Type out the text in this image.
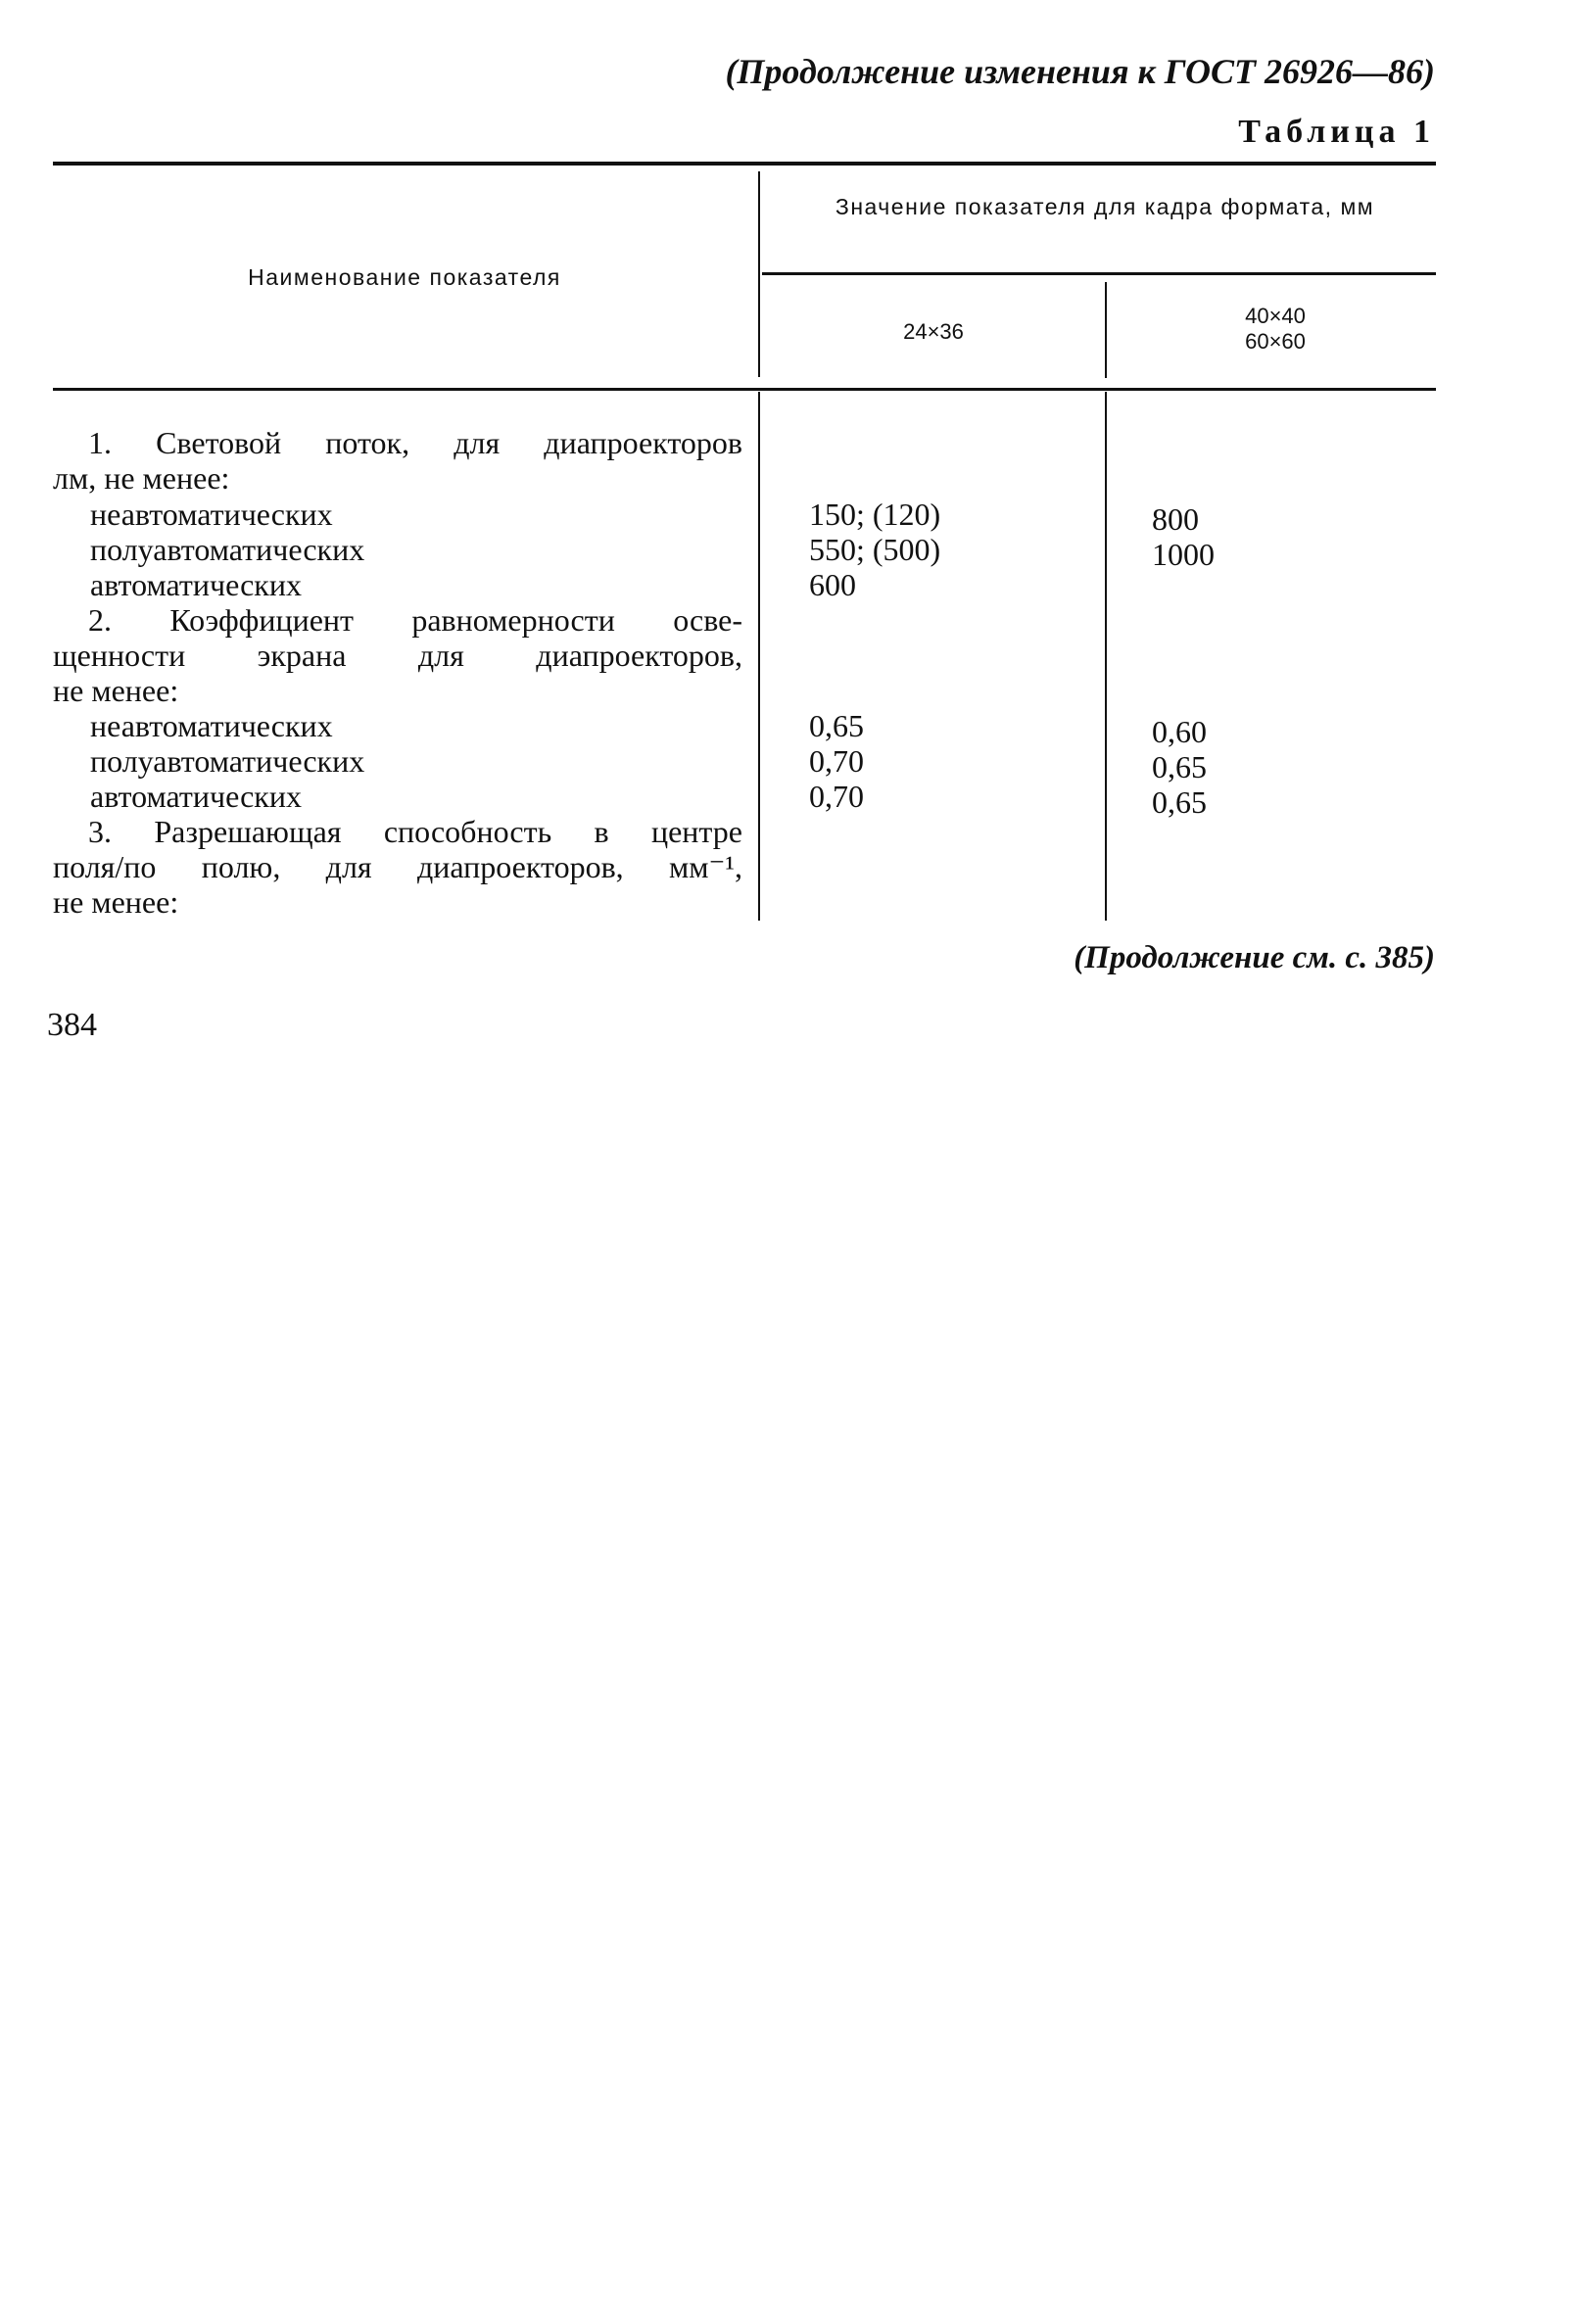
(Продолжение изменения к ГОСТ 26926—86)
Таблица 1
Наименование показателя
Значение показателя для кадра формата, мм
24×36
40×40 60×60
1. Световой поток, для диапроекторов
лм, не менее:
неавтоматических	150; (120)	800
полуавтоматических	550; (500)	1000
автоматических	600
2. Коэффициент равномерности осве-
щенности экрана для диапроекторов,
не менее:
неавтоматических	0,65	0,60
полуавтоматических	0,70	0,65
автоматических	0,70	0,65
3. Разрешающая способность в центре
поля/по полю, для диапроекторов, мм⁻¹,
не менее:
(Продолжение см. с. 385)
384
